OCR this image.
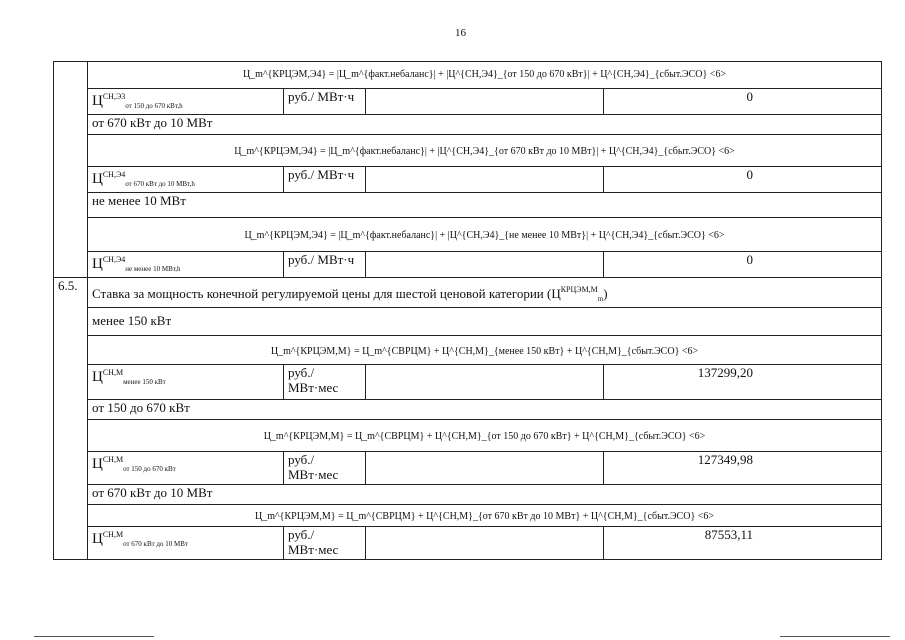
16
	Ц_m^{КРЦЭМ,Э4} = |Ц_m^{факт.небаланс}| + |Ц^{СН,Э4}_{от 150 до 670 кВт}| + Ц^{СН,Э4}_{сбыт.ЭСО} <6>			
	$Ц^{СН,Э3}_{от 150 до 670 кВт,h}$	руб./ МВт·ч		0
	от 670 кВт до 10 МВт			
	Ц_m^{КРЦЭМ,Э4} = |Ц_m^{факт.небаланс}| + |Ц^{СН,Э4}_{от 670 кВт до 10 МВт}| + Ц^{СН,Э4}_{сбыт.ЭСО} <6>			
	$Ц^{СН,Э4}_{от 670 кВт до 10 МВт,h}$	руб./ МВт·ч		0
	не менее 10 МВт			
	Ц_m^{КРЦЭМ,Э4} = |Ц_m^{факт.небаланс}| + |Ц^{СН,Э4}_{не менее 10 МВт}| + Ц^{СН,Э4}_{сбыт.ЭСО} <6>			
	$Ц^{СН,Э4}_{не менее 10 МВт,h}$	руб./ МВт·ч		0
6.5.	Ставка за мощность конечной регулируемой цены для шестой ценовой категории $(Ц^{КРЦЭМ,М}_m)$			
	менее 150 кВт			
	Ц_m^{КРЦЭМ,М} = Ц_m^{СВРЦМ} + Ц^{СН,М}_{менее 150 кВт} + Ц^{СН,М}_{сбыт.ЭСО} <6>			
	$Ц^{СН,М}_{менее 150 кВт}$	руб./
МВт·мес		137299,20
	от 150 до 670 кВт			
	Ц_m^{КРЦЭМ,М} = Ц_m^{СВРЦМ} + Ц^{СН,М}_{от 150 до 670 кВт} + Ц^{СН,М}_{сбыт.ЭСО} <6>			
	$Ц^{СН,М}_{от 150 до 670 кВт}$	руб./
МВт·мес		127349,98
	от 670 кВт до 10 МВт			
	Ц_m^{КРЦЭМ,М} = Ц_m^{СВРЦМ} + Ц^{СН,М}_{от 670 кВт до 10 МВт} + Ц^{СН,М}_{сбыт.ЭСО} <6>			
	$Ц^{СН,М}_{от 670 кВт до 10 МВт}$	руб./
МВт·мес		87553,11
